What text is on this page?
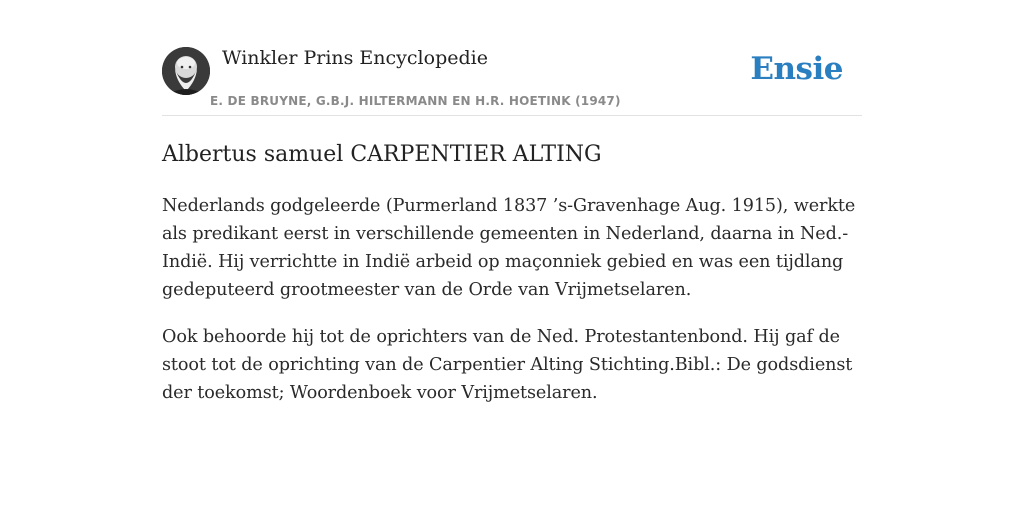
Winkler Prins Encyclopedie
E. DE BRUYNE, G.B.J. HILTERMANN EN H.R. HOETINK (1947)
Ensie
Albertus samuel CARPENTIER ALTING

Nederlands godgeleerde (Purmerland 1837 ’s-Gravenhage Aug. 1915), werkte als predikant eerst in verschillende gemeenten in Nederland, daarna in Ned.-Indië. Hij verrichtte in Indië arbeid op maçonniek gebied en was een tijdlang gedeputeerd grootmeester van de Orde van Vrijmetselaren.

Ook behoorde hij tot de oprichters van de Ned. Protestantenbond. Hij gaf de stoot tot de oprichting van de Carpentier Alting Stichting.Bibl.: De godsdienst der toekomst; Woordenboek voor Vrijmetselaren.
